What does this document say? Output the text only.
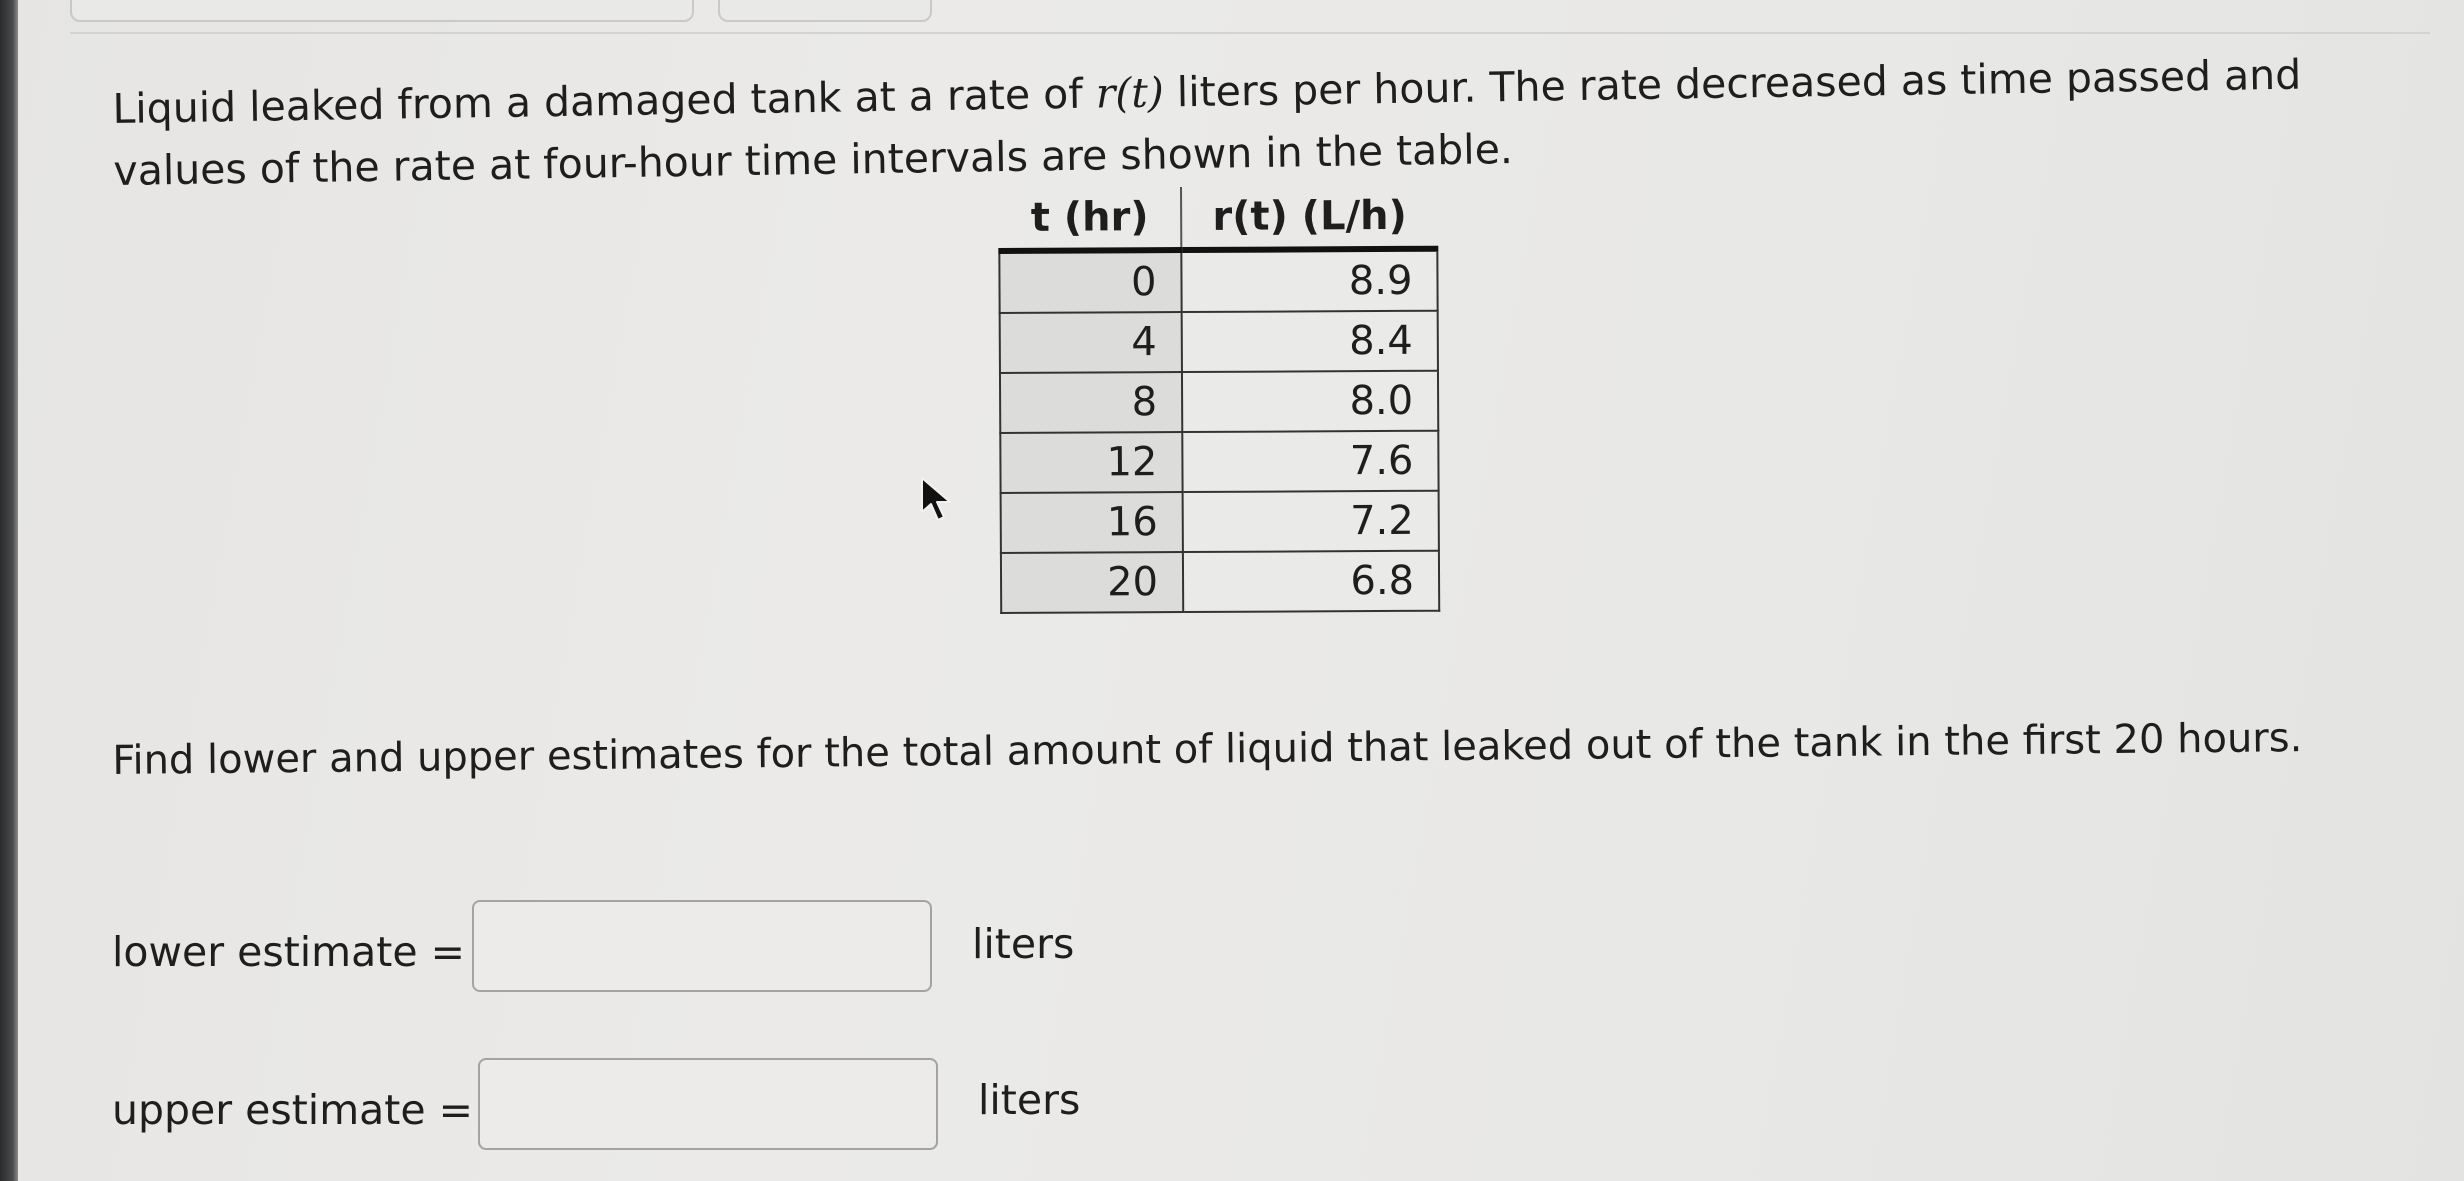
Liquid leaked from a damaged tank at a rate of r(t) liters per hour. The rate decreased as time passed and values of the rate at four-hour time intervals are shown in the table.
t (hr)	r(t) (L/h)
0	8.9
4	8.4
8	8.0
12	7.6
16	7.2
20	6.8
Find lower and upper estimates for the total amount of liquid that leaked out of the tank in the first 20 hours.
lower estimate =	liters
upper estimate =	liters
